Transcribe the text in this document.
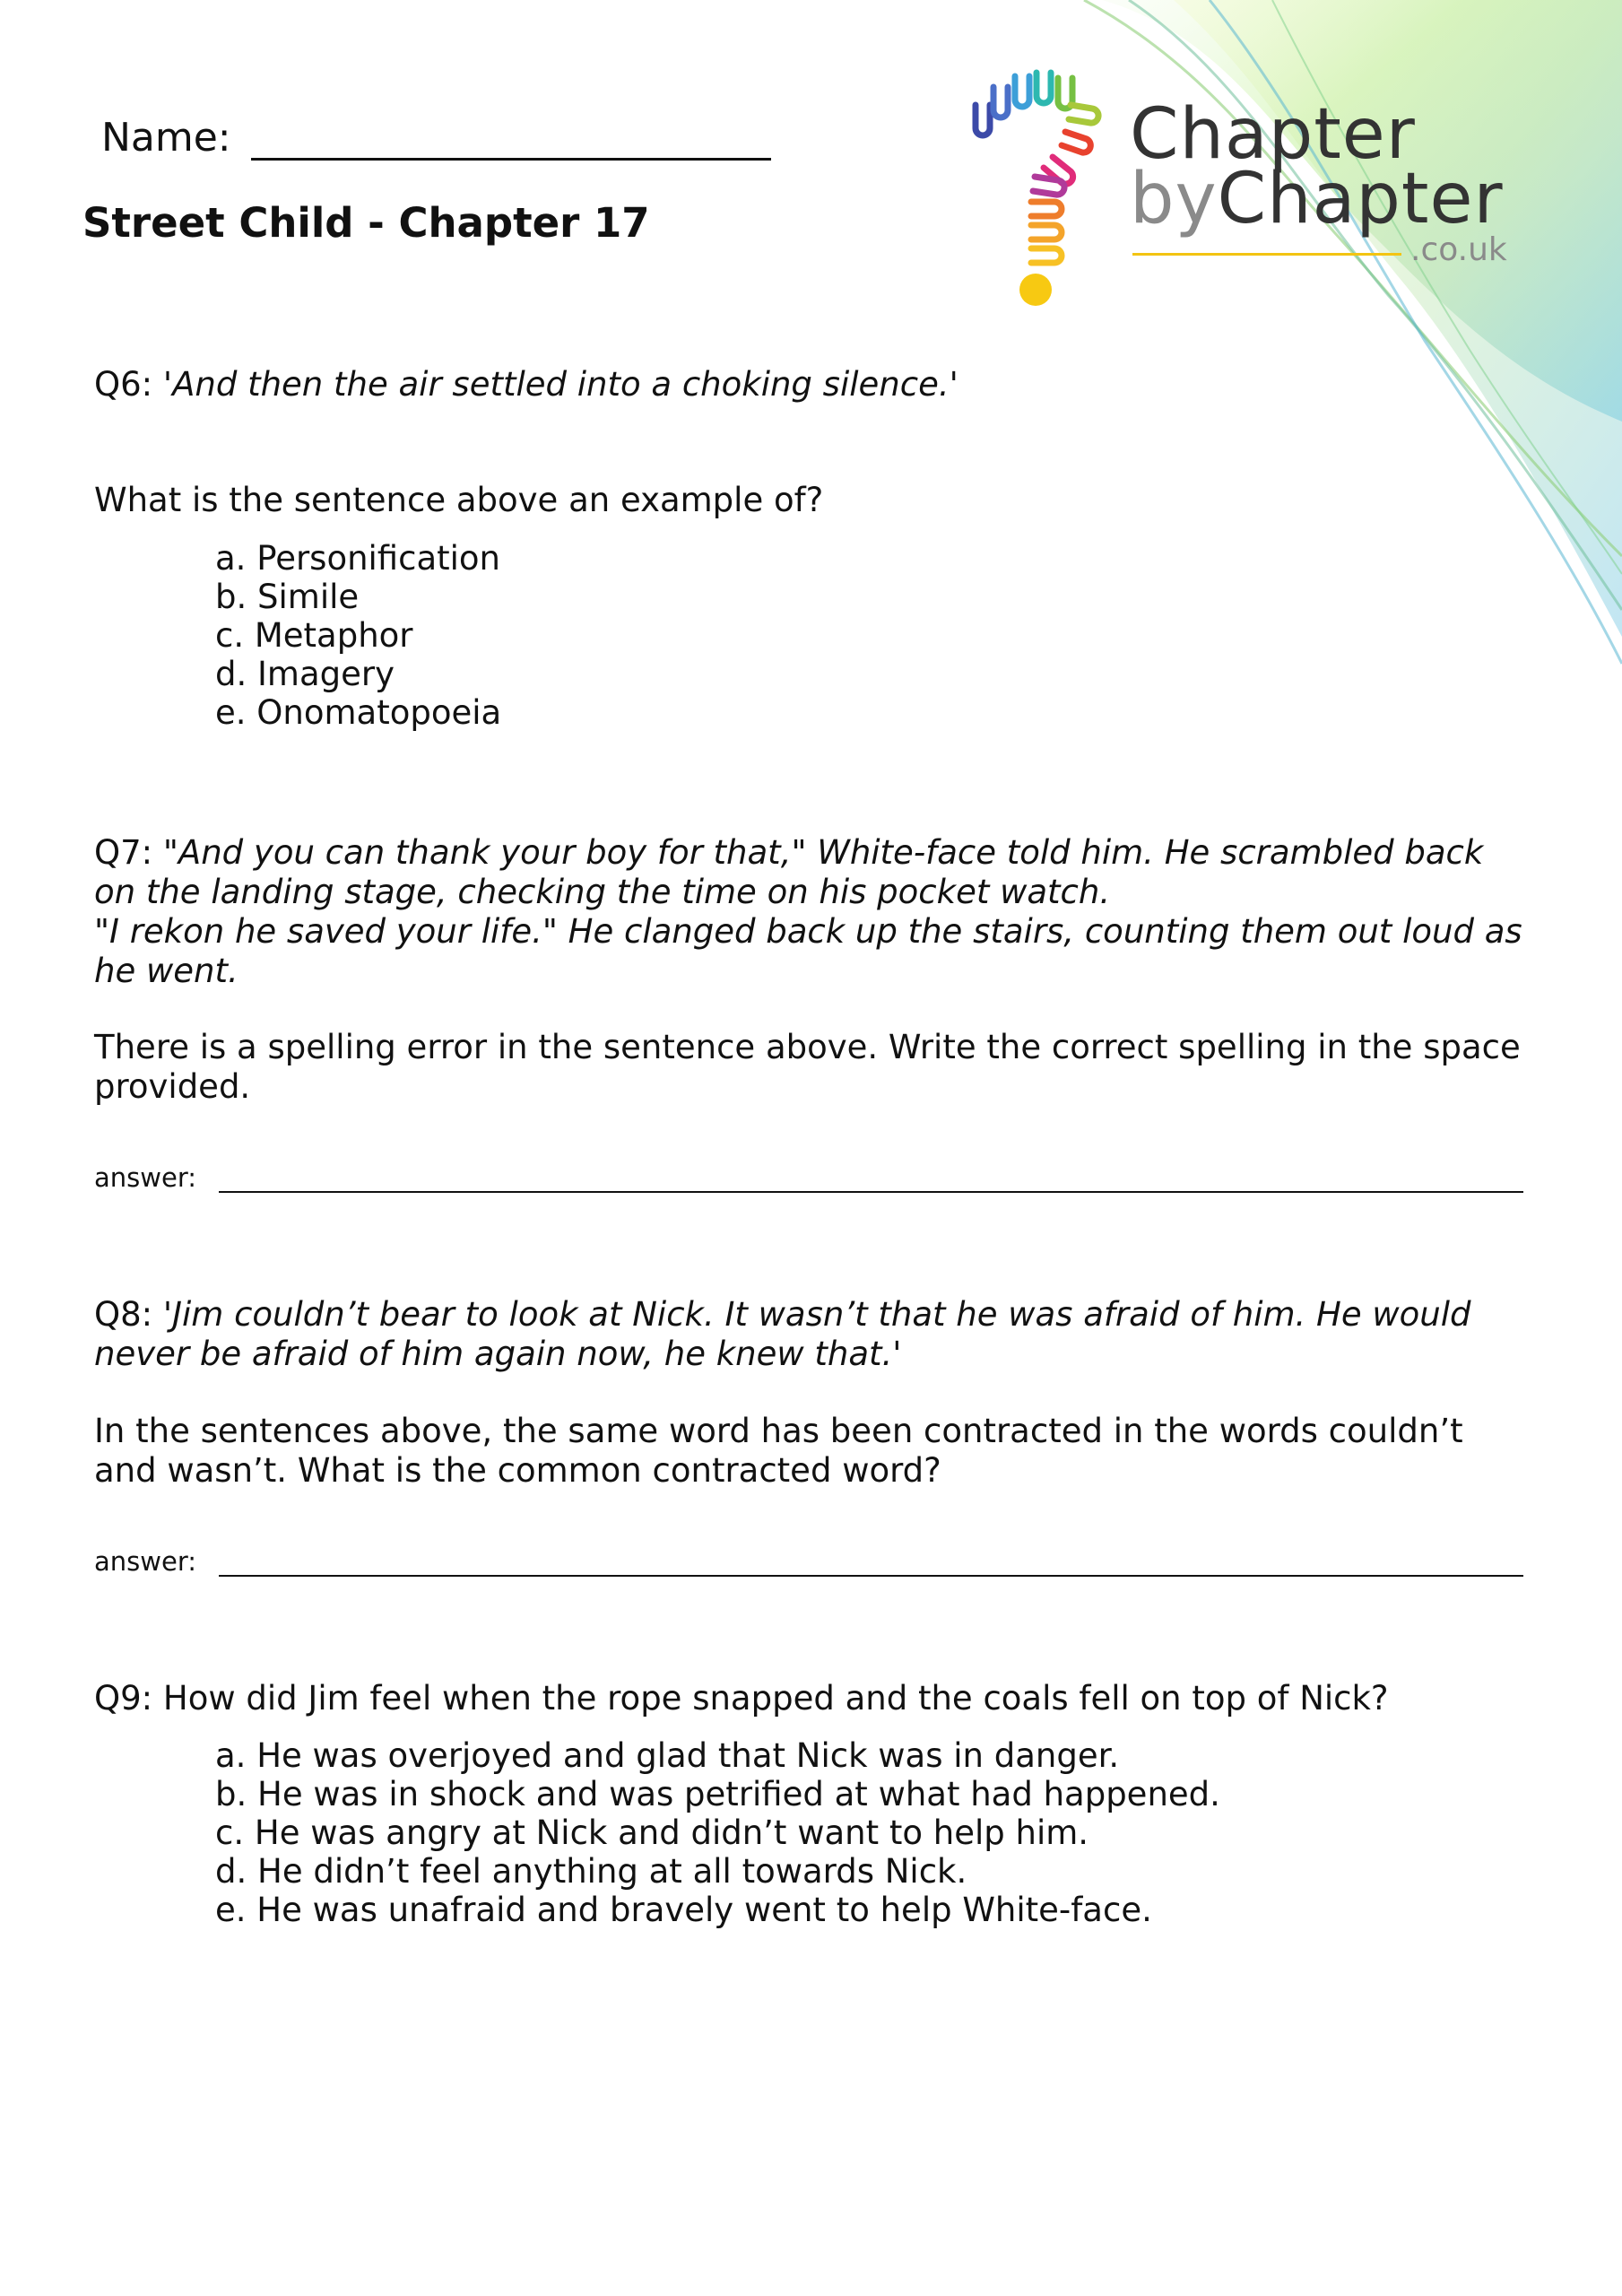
Name:
Street Child - Chapter 17
Chapter
byChapter
.co.uk
Q6: 'And then the air settled into a choking silence.'
What is the sentence above an example of?
a. Personification
b. Simile
c. Metaphor
d. Imagery
e. Onomatopoeia
Q7: "And you can thank your boy for that," White-face told him. He scrambled back on the landing stage, checking the time on his pocket watch.
"I rekon he saved your life." He clanged back up the stairs, counting them out loud as he went.
There is a spelling error in the sentence above. Write the correct spelling in the space provided.
answer:
Q8: 'Jim couldn’t bear to look at Nick. It wasn’t that he was afraid of him. He would never be afraid of him again now, he knew that.'
In the sentences above, the same word has been contracted in the words couldn’t and wasn’t. What is the common contracted word?
answer:
Q9: How did Jim feel when the rope snapped and the coals fell on top of Nick?
a. He was overjoyed and glad that Nick was in danger.
b. He was in shock and was petrified at what had happened.
c. He was angry at Nick and didn’t want to help him.
d. He didn’t feel anything at all towards Nick.
e. He was unafraid and bravely went to help White-face.
